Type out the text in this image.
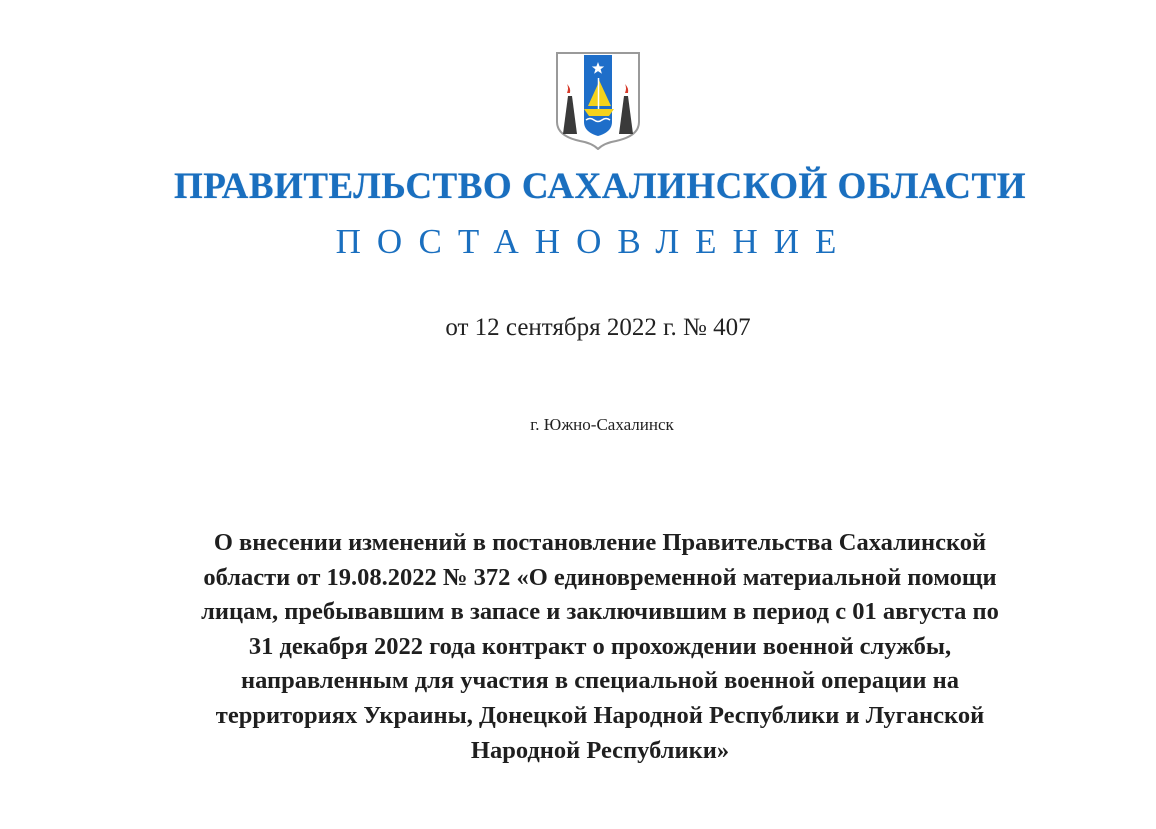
ПРАВИТЕЛЬСТВО САХАЛИНСКОЙ ОБЛАСТИ
ПОСТАНОВЛЕНИЕ
от 12 сентября 2022 г. № 407
г. Южно-Сахалинск

О внесении изменений в постановление Правительства Сахалинской
области от 19.08.2022 № 372 «О единовременной материальной помощи
лицам, пребывавшим в запасе и заключившим в период с 01 августа по
31 декабря 2022 года контракт о прохождении военной службы,
направленным для участия в специальной военной операции на
территориях Украины, Донецкой Народной Республики и Луганской
Народной Республики»
